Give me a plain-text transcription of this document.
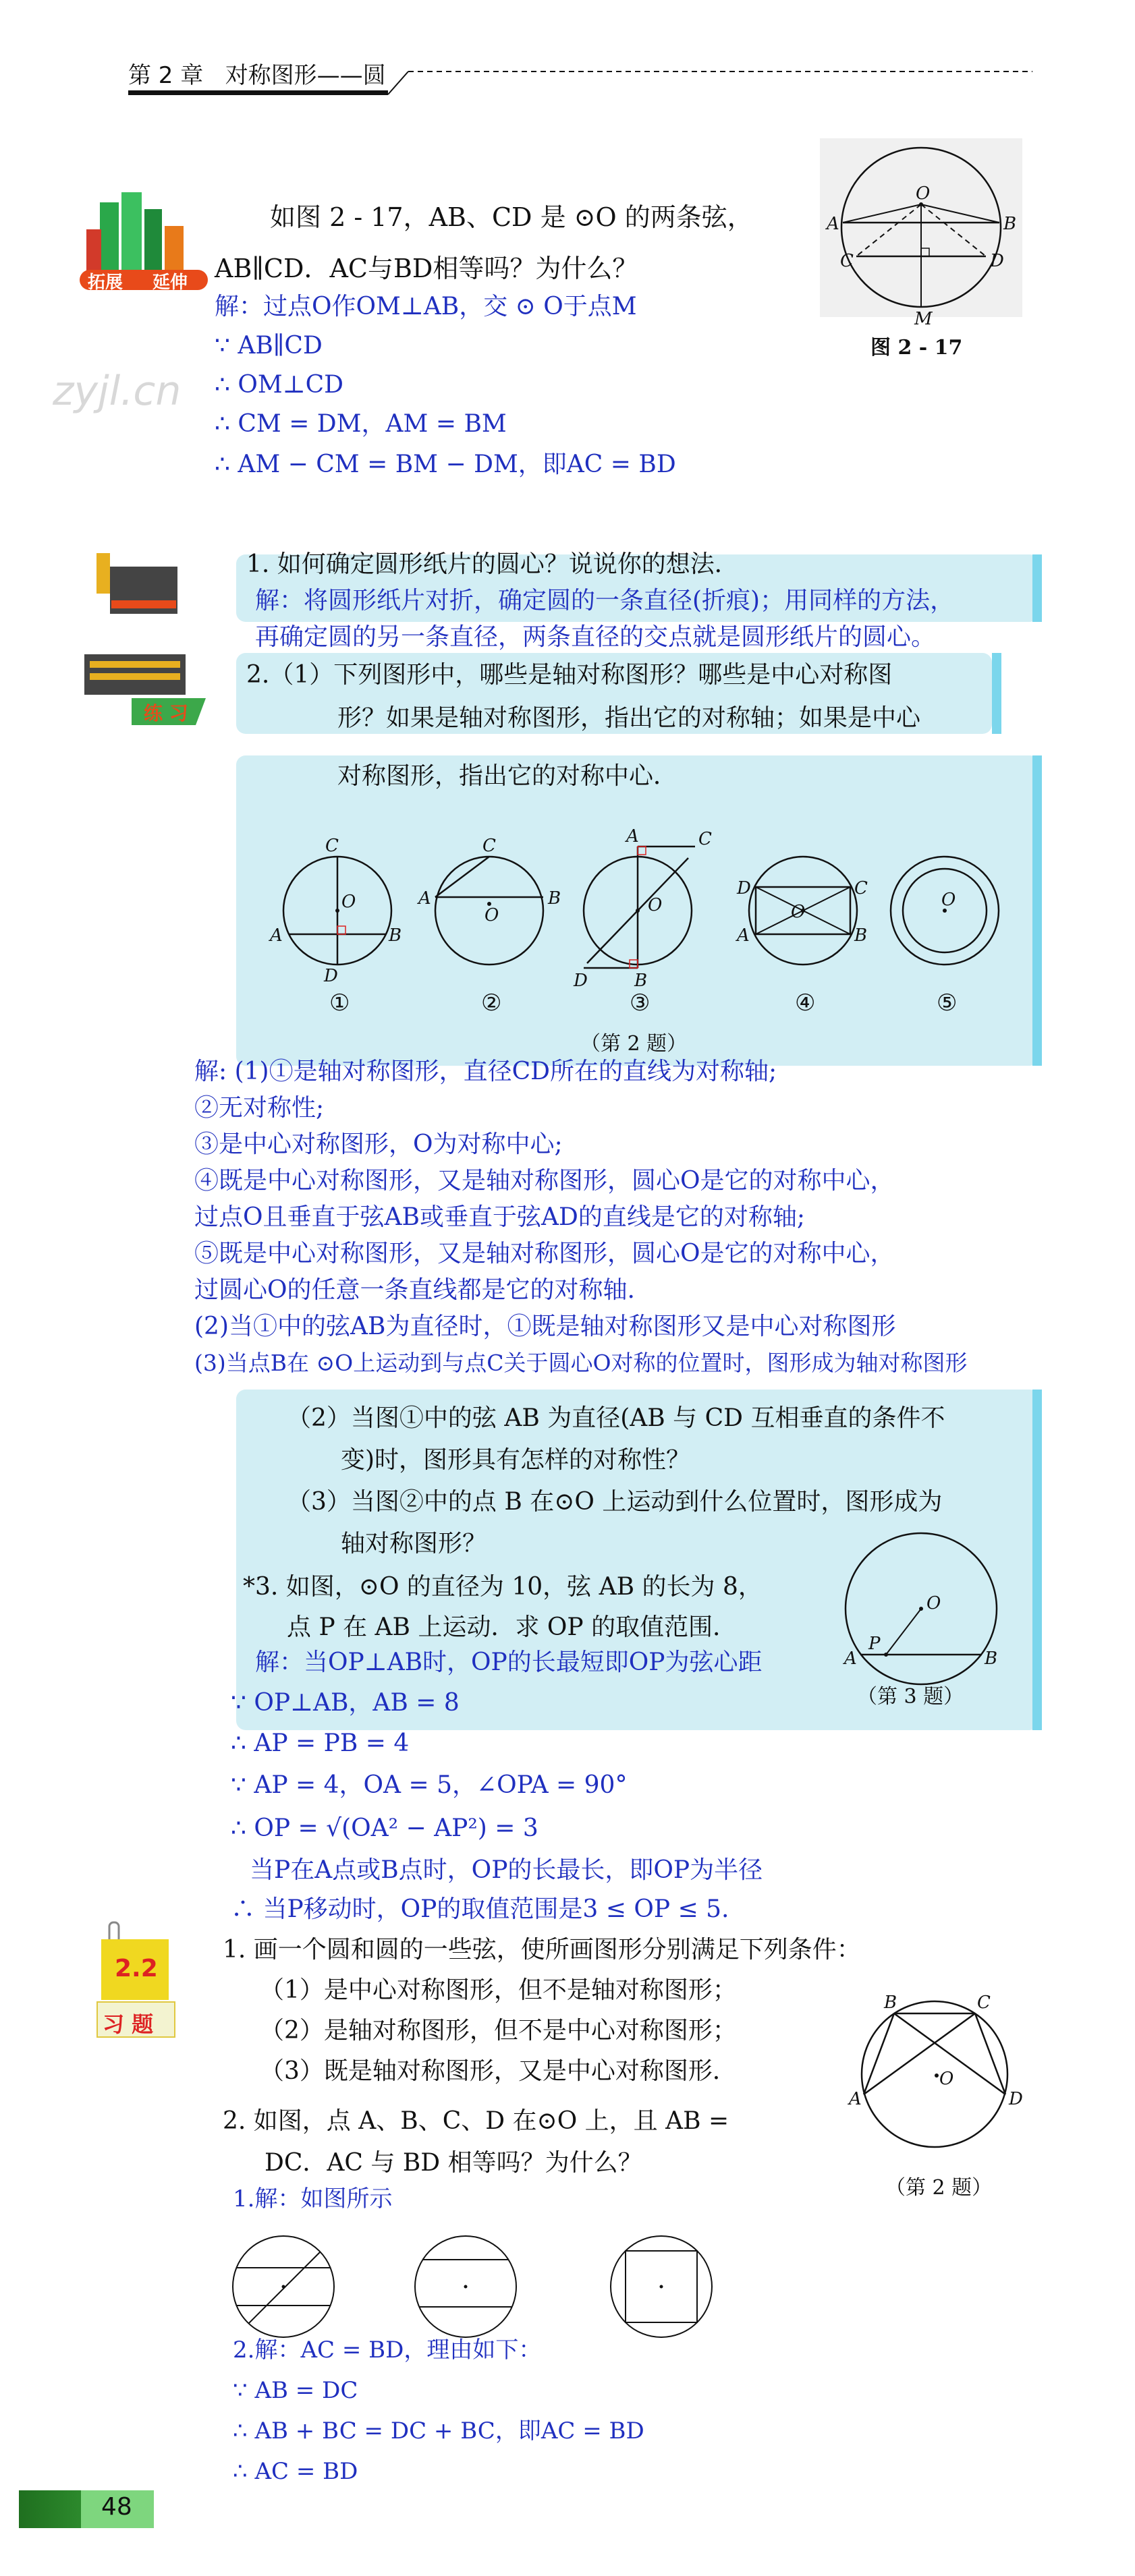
第 2 章 对称图形——圆
拓展 延伸
如图 2 - 17，AB、CD 是 ⊙O 的两条弦，
AB∥CD．AC与BD相等吗？为什么？
O
A	B
C	D
M
图 2 - 17
解：过点O作OM⊥AB，交 ⊙ O于点M
∵ AB∥CD
zyjl.cn ∴ OM⊥CD
∴ CM = DM，AM = BM
∴ AM − CM = BM − DM，即AC = BD
练 习
1. 如何确定圆形纸片的圆心？说说你的想法．
解：将圆形纸片对折，确定圆的一条直径(折痕)；用同样的方法，
再确定圆的另一条直径，两条直径的交点就是圆形纸片的圆心。
2.（1）下列图形中，哪些是轴对称图形？哪些是中心对称图
形？如果是轴对称图形，指出它的对称轴；如果是中心
对称图形，指出它的对称中心．
C
O
A	B
D
C
O
A	B
A	C
O
D	B
D	C
A	B
O
O
①	②	③	④	⑤
（第 2 题）
解: (1)①是轴对称图形，直径CD所在的直线为对称轴;
②无对称性;
③是中心对称图形，O为对称中心;
④既是中心对称图形，又是轴对称图形，圆心O是它的对称中心，
过点O且垂直于弦AB或垂直于弦AD的直线是它的对称轴;
⑤既是中心对称图形，又是轴对称图形，圆心O是它的对称中心，
过圆心O的任意一条直线都是它的对称轴.
(2)当①中的弦AB为直径时，①既是轴对称图形又是中心对称图形
(3)当点B在 ⊙O上运动到与点C关于圆心O对称的位置时，图形成为轴对称图形
（2）当图①中的弦 AB 为直径(AB 与 CD 互相垂直的条件不
变)时，图形具有怎样的对称性？
（3）当图②中的点 B 在⊙O 上运动到什么位置时，图形成为
轴对称图形？
*3. 如图，⊙O 的直径为 10，弦 AB 的长为 8，
点 P 在 AB 上运动．求 OP 的取值范围．
O
P
A	B
（第 3 题）
解：当OP⊥AB时，OP的长最短即OP为弦心距
∵ OP⊥AB，AB = 8
∴ AP = PB = 4
∵ AP = 4，OA = 5，∠OPA = 90°
∴ OP = √(OA² − AP²) = 3
当P在A点或B点时，OP的长最长，即OP为半径
∴ 当P移动时，OP的取值范围是3 ≤ OP ≤ 5.
2.2
习 题
1. 画一个圆和圆的一些弦，使所画图形分别满足下列条件：
（1）是中心对称图形，但不是轴对称图形；
（2）是轴对称图形，但不是中心对称图形；
（3）既是轴对称图形，又是中心对称图形．
2. 如图，点 A、B、C、D 在⊙O 上，且 AB =
DC．AC 与 BD 相等吗？为什么？
B	C
A	D
O
（第 2 题）
1.解：如图所示
2.解：AC = BD，理由如下：
∵ AB = DC
∴ AB + BC = DC + BC，即AC = BD
∴ AC = BD
48
